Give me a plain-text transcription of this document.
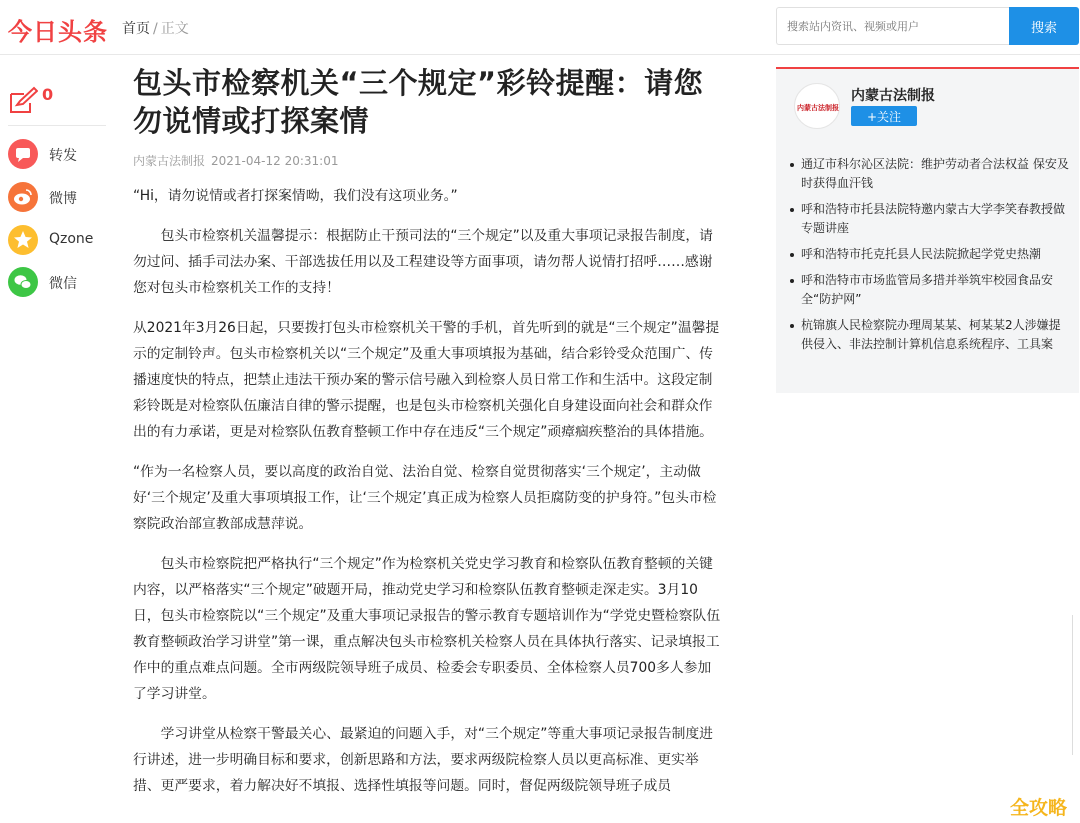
今日头条 首页 / 正文
搜索站内资讯、视频或用户	搜索
0
转发
微博
Qzone
微信
包头市检察机关“三个规定”彩铃提醒：请您勿说情或打探案情
内蒙古法制报 2021-04-12 20:31:01

“Hi，请勿说情或者打探案情呦，我们没有这项业务。”

包头市检察机关温馨提示：根据防止干预司法的“三个规定”以及重大事项记录报告制度，请勿过问、插手司法办案、干部选拔任用以及工程建设等方面事项，请勿帮人说情打招呼……感谢您对包头市检察机关工作的支持！

从2021年3月26日起，只要拨打包头市检察机关干警的手机，首先听到的就是“三个规定”温馨提示的定制铃声。包头市检察机关以“三个规定”及重大事项填报为基础，结合彩铃受众范围广、传播速度快的特点，把禁止违法干预办案的警示信号融入到检察人员日常工作和生活中。这段定制彩铃既是对检察队伍廉洁自律的警示提醒，也是包头市检察机关强化自身建设面向社会和群众作出的有力承诺，更是对检察队伍教育整顿工作中存在违反“三个规定”顽瘴痼疾整治的具体措施。

“作为一名检察人员，要以高度的政治自觉、法治自觉、检察自觉贯彻落实‘三个规定’，主动做好‘三个规定’及重大事项填报工作，让‘三个规定’真正成为检察人员拒腐防变的护身符。”包头市检察院政治部宣教部成慧萍说。

包头市检察院把严格执行“三个规定”作为检察机关党史学习教育和检察队伍教育整顿的关键内容，以严格落实“三个规定”破题开局，推动党史学习和检察队伍教育整顿走深走实。3月10日，包头市检察院以“三个规定”及重大事项记录报告的警示教育专题培训作为“学党史暨检察队伍教育整顿政治学习讲堂”第一课，重点解决包头市检察机关检察人员在具体执行落实、记录填报工作中的重点难点问题。全市两级院领导班子成员、检委会专职委员、全体检察人员700多人参加了学习讲堂。

学习讲堂从检察干警最关心、最紧迫的问题入手，对“三个规定”等重大事项记录报告制度进行讲述，进一步明确目标和要求，创新思路和方法，要求两级院检察人员以更高标准、更实举措、更严要求，着力解决好不填报、选择性填报等问题。同时，督促两级院领导班子成员

内蒙古法制报
内蒙古法制报
+关注
通辽市科尔沁区法院：维护劳动者合法权益 保安及时获得血汗钱
呼和浩特市托县法院特邀内蒙古大学李笑春教授做专题讲座
呼和浩特市托克托县人民法院掀起学党史热潮
呼和浩特市市场监管局多措并举筑牢校园食品安全“防护网”
杭锦旗人民检察院办理周某某、柯某某2人涉嫌提供侵入、非法控制计算机信息系统程序、工具案
全攻略
